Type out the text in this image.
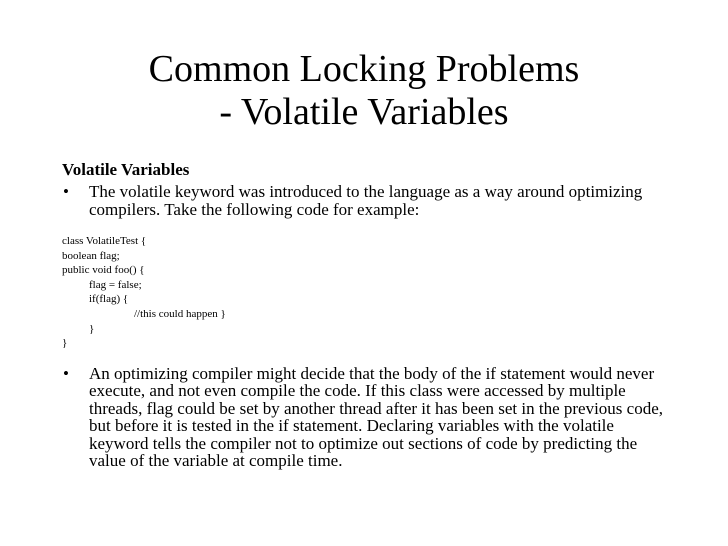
Common Locking Problems
- Volatile Variables
Volatile Variables
• The volatile keyword was introduced to the language as a way around optimizing compilers. Take the following code for example:
class VolatileTest {
boolean flag;
public void foo() {
flag = false;
if(flag) {
//this could happen }
}
}
• An optimizing compiler might decide that the body of the if statement would never execute, and not even compile the code. If this class were accessed by multiple threads, flag could be set by another thread after it has been set in the previous code, but before it is tested in the if statement. Declaring variables with the volatile keyword tells the compiler not to optimize out sections of code by predicting the value of the variable at compile time.
